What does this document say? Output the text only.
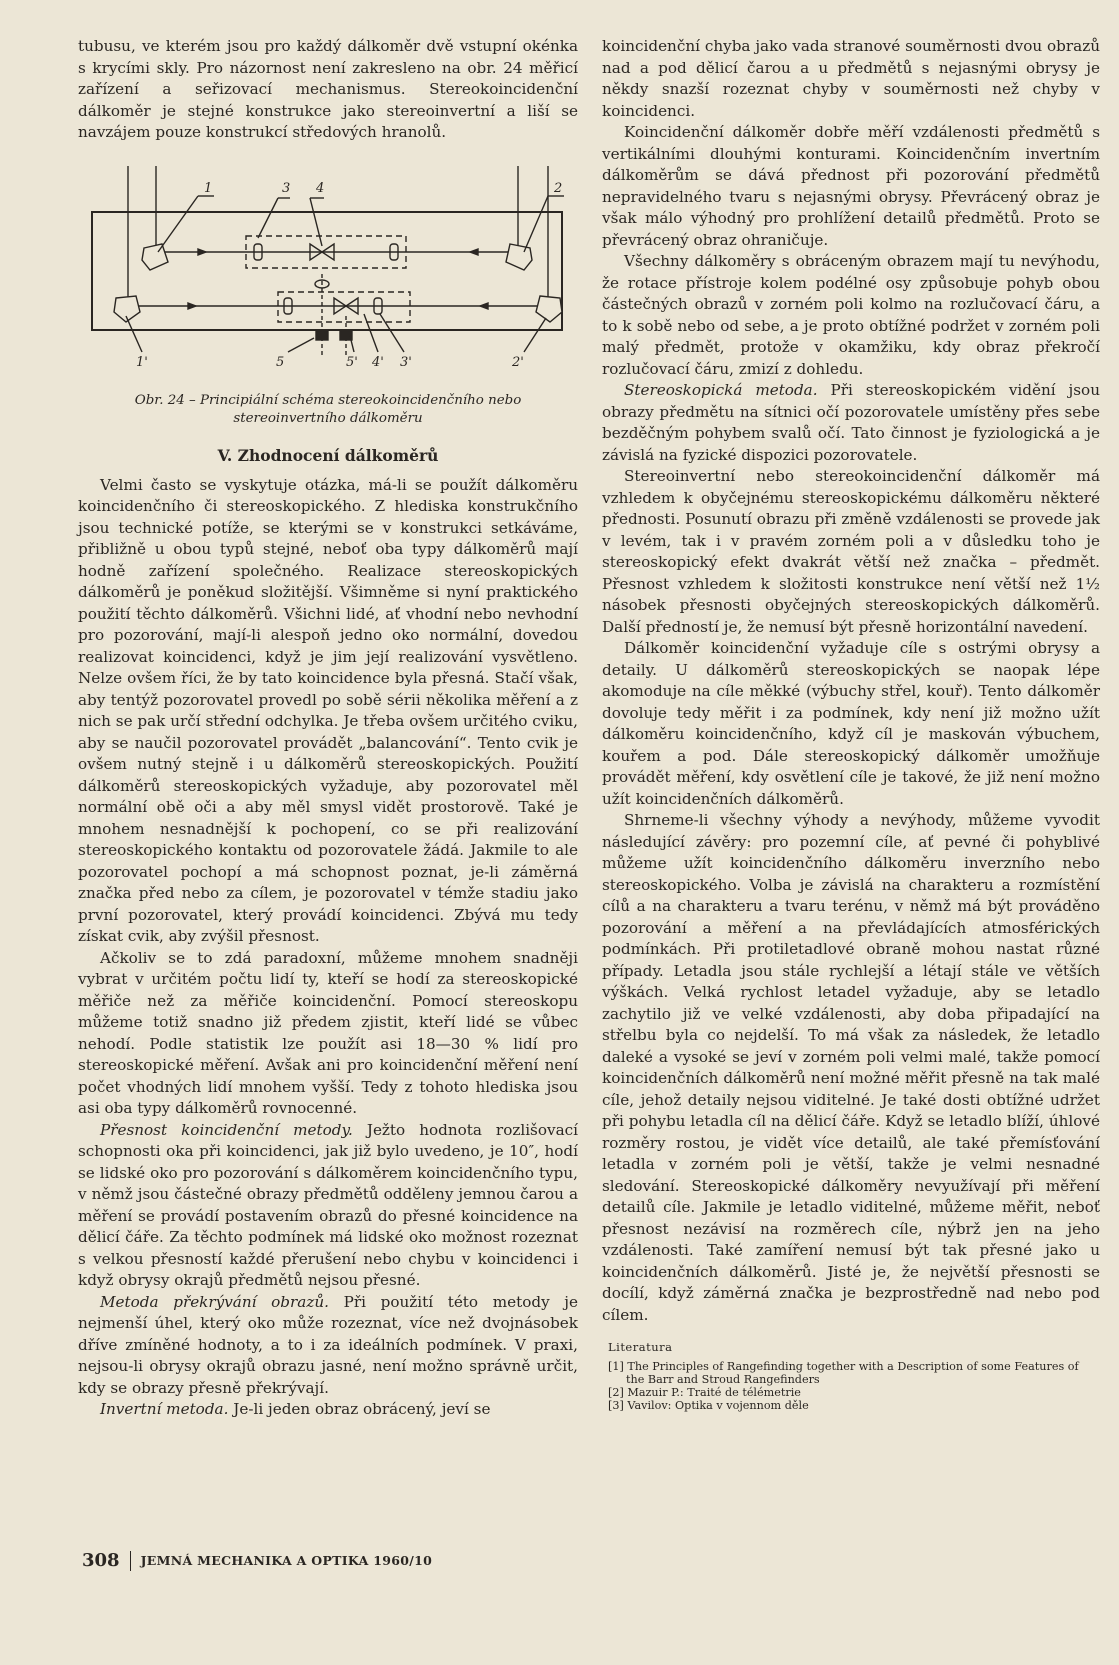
tubusu, ve kterém jsou pro každý dálkoměr dvě vstupní okénka s krycími skly. Pro názornost není zakresleno na obr. 24 měřicí zařízení a seřizovací mechanismus. Stereokoincidenční dálkoměr je stejné konstrukce jako stereoinvertní a liší se navzájem pouze konstrukcí středových hranolů.

1	3 4	2
1'	5	5' 4' 3'	2'

Obr. 24 – Principiální schéma stereokoincidenčního nebo stereoinvertního dálkoměru

V. Zhodnocení dálkoměrů

Velmi často se vyskytuje otázka, má-li se použít dálkoměru koincidenčního či stereoskopického. Z hlediska konstrukčního jsou technické potíže, se kterými se v konstrukci setkáváme, přibližně u obou typů stejné, neboť oba typy dálkoměrů mají hodně zařízení společného. Realizace stereoskopických dálkoměrů je poněkud složitější. Všimněme si nyní praktického použití těchto dálkoměrů. Všichni lidé, ať vhodní nebo nevhodní pro pozorování, mají-li alespoň jedno oko normální, dovedou realizovat koincidenci, když je jim její realizování vysvětleno. Nelze ovšem říci, že by tato koincidence byla přesná. Stačí však, aby tentýž pozorovatel provedl po sobě sérii několika měření a z nich se pak určí střední odchylka. Je třeba ovšem určitého cviku, aby se naučil pozorovatel provádět „balancování“. Tento cvik je ovšem nutný stejně i u dálkoměrů stereoskopických. Použití dálkoměrů stereoskopických vyžaduje, aby pozorovatel měl normální obě oči a aby měl smysl vidět prostorově. Také je mnohem nesnadnější k pochopení, co se při realizování stereoskopického kontaktu od pozorovatele žádá. Jakmile to ale pozorovatel pochopí a má schopnost poznat, je-li záměrná značka před nebo za cílem, je pozorovatel v témže stadiu jako první pozorovatel, který provádí koincidenci. Zbývá mu tedy získat cvik, aby zvýšil přesnost.

Ačkoliv se to zdá paradoxní, můžeme mnohem snadněji vybrat v určitém počtu lidí ty, kteří se hodí za stereoskopické měřiče než za měřiče koincidenční. Pomocí stereoskopu můžeme totiž snadno již předem zjistit, kteří lidé se vůbec nehodí. Podle statistik lze použít asi 18—30 % lidí pro stereoskopické měření. Avšak ani pro koincidenční měření není počet vhodných lidí mnohem vyšší. Tedy z tohoto hlediska jsou asi oba typy dálkoměrů rovnocenné.

Přesnost koincidenční metody. Ježto hodnota rozlišovací schopnosti oka při koincidenci, jak již bylo uvedeno, je 10″, hodí se lidské oko pro pozorování s dálkoměrem koincidenčního typu, v němž jsou částečné obrazy předmětů odděleny jemnou čarou a měření se provádí postavením obrazů do přesné koincidence na dělicí čáře. Za těchto podmínek má lidské oko možnost rozeznat s velkou přesností každé přerušení nebo chybu v koincidenci i když obrysy okrajů předmětů nejsou přesné.

Metoda překrývání obrazů. Při použití této metody je nejmenší úhel, který oko může rozeznat, více než dvojnásobek dříve zmíněné hodnoty, a to i za ideálních podmínek. V praxi, nejsou-li obrysy okrajů obrazu jasné, není možno správně určit, kdy se obrazy přesně překrývají.

Invertní metoda. Je-li jeden obraz obrácený, jeví se

koincidenční chyba jako vada stranové souměrnosti dvou obrazů nad a pod dělicí čarou a u předmětů s nejasnými obrysy je někdy snazší rozeznat chyby v souměrnosti než chyby v koincidenci.

Koincidenční dálkoměr dobře měří vzdálenosti předmětů s vertikálními dlouhými konturami. Koincidenčním invertním dálkoměrům se dává přednost při pozorování předmětů nepravidelného tvaru s nejasnými obrysy. Převrácený obraz je však málo výhodný pro prohlížení detailů předmětů. Proto se převrácený obraz ohraničuje.

Všechny dálkoměry s obráceným obrazem mají tu nevýhodu, že rotace přístroje kolem podélné osy způsobuje pohyb obou částečných obrazů v zorném poli kolmo na rozlučovací čáru, a to k sobě nebo od sebe, a je proto obtížné podržet v zorném poli malý předmět, protože v okamžiku, kdy obraz překročí rozlučovací čáru, zmizí z dohledu.

Stereoskopická metoda. Při stereoskopickém vidění jsou obrazy předmětu na sítnici očí pozorovatele umístěny přes sebe bezděčným pohybem svalů očí. Tato činnost je fyziologická a je závislá na fyzické dispozici pozorovatele.

Stereoinvertní nebo stereokoincidenční dálkoměr má vzhledem k obyčejnému stereoskopickému dálkoměru některé přednosti. Posunutí obrazu při změně vzdálenosti se provede jak v levém, tak i v pravém zorném poli a v důsledku toho je stereoskopický efekt dvakrát větší než značka – předmět. Přesnost vzhledem k složitosti konstrukce není větší než 1½ násobek přesnosti obyčejných stereoskopických dálkoměrů. Další předností je, že nemusí být přesně horizontální navedení.

Dálkoměr koincidenční vyžaduje cíle s ostrými obrysy a detaily. U dálkoměrů stereoskopických se naopak lépe akomoduje na cíle měkké (výbuchy střel, kouř). Tento dálkoměr dovoluje tedy měřit i za podmínek, kdy není již možno užít dálkoměru koincidenčního, když cíl je maskován výbuchem, kouřem a pod. Dále stereoskopický dálkoměr umožňuje provádět měření, kdy osvětlení cíle je takové, že již není možno užít koincidenčních dálkoměrů.

Shrneme-li všechny výhody a nevýhody, můžeme vyvodit následující závěry: pro pozemní cíle, ať pevné či pohyblivé můžeme užít koincidenčního dálkoměru inverzního nebo stereoskopického. Volba je závislá na charakteru a rozmístění cílů a na charakteru a tvaru terénu, v němž má být prováděno pozorování a měření a na převládajících atmosférických podmínkách. Při protiletadlové obraně mohou nastat různé případy. Letadla jsou stále rychlejší a létají stále ve větších výškách. Velká rychlost letadel vyžaduje, aby se letadlo zachytilo již ve velké vzdálenosti, aby doba připadající na střelbu byla co nejdelší. To má však za následek, že letadlo daleké a vysoké se jeví v zorném poli velmi malé, takže pomocí koincidenčních dálkoměrů není možné měřit přesně na tak malé cíle, jehož detaily nejsou viditelné. Je také dosti obtížné udržet při pohybu letadla cíl na dělicí čáře. Když se letadlo blíží, úhlové rozměry rostou, je vidět více detailů, ale také přemísťování letadla v zorném poli je větší, takže je velmi nesnadné sledování. Stereoskopické dálkoměry nevyužívají při měření detailů cíle. Jakmile je letadlo viditelné, můžeme měřit, neboť přesnost nezávisí na rozměrech cíle, nýbrž jen na jeho vzdálenosti. Také zamíření nemusí být tak přesné jako u koincidenčních dálkoměrů. Jisté je, že největší přesnosti se docílí, když záměrná značka je bezprostředně nad nebo pod cílem.

Literatura

[1] The Principles of Rangefinding together with a Description of some Features of the Barr and Stroud Rangefinders

[2] Mazuir P.: Traité de télémetrie

[3] Vavilov: Optika v vojennom děle

308 JEMNÁ MECHANIKA A OPTIKA 1960/10
